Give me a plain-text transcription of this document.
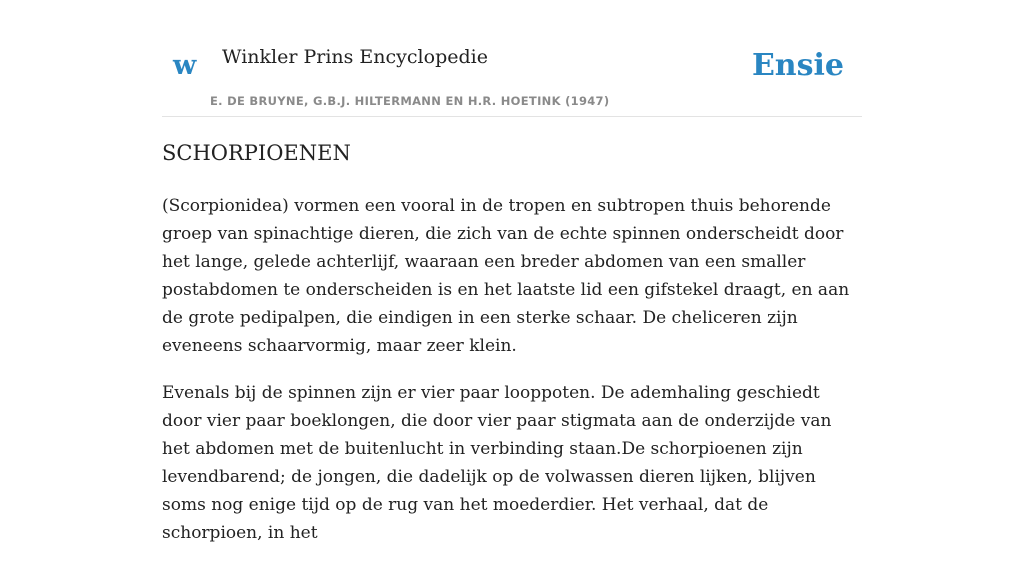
w Winkler Prins Encyclopedie
E. DE BRUYNE, G.B.J. HILTERMANN EN H.R. HOETINK (1947)
Ensie
SCHORPIOENEN

(Scorpionidea) vormen een vooral in de tropen en subtropen thuis behorende groep van spinachtige dieren, die zich van de echte spinnen onderscheidt door het lange, gelede achterlijf, waaraan een breder abdomen van een smaller postabdomen te onderscheiden is en het laatste lid een gifstekel draagt, en aan de grote pedipalpen, die eindigen in een sterke schaar. De cheliceren zijn eveneens schaarvormig, maar zeer klein.

Evenals bij de spinnen zijn er vier paar looppoten. De ademhaling geschiedt door vier paar boeklongen, die door vier paar stigmata aan de onderzijde van het abdomen met de buitenlucht in verbinding staan.De schorpioenen zijn levendbarend; de jongen, die dadelijk op de volwassen dieren lijken, blijven soms nog enige tijd op de rug van het moederdier. Het verhaal, dat de schorpioen, in het
